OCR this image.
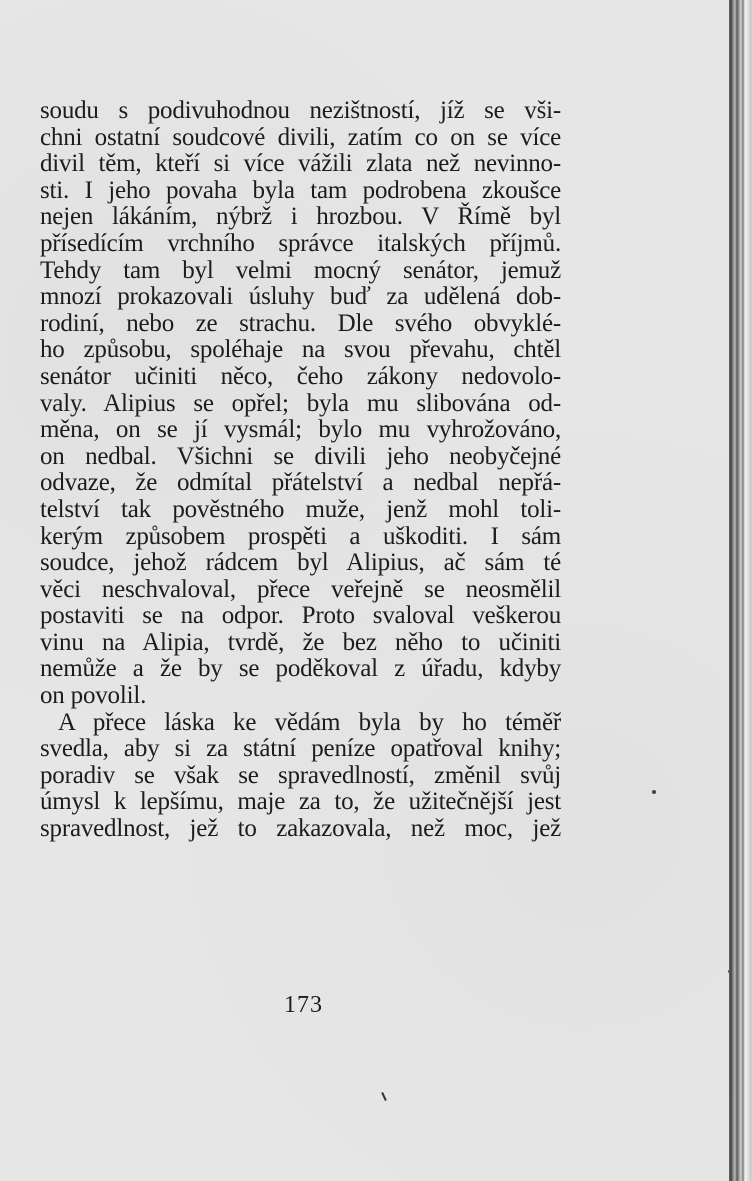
soudu s podivuhodnou nezištností, jíž se vši-
chni ostatní soudcové divili, zatím co on se více
divil těm, kteří si více vážili zlata než nevinno-
sti. I jeho povaha byla tam podrobena zkoušce
nejen lákáním, nýbrž i hrozbou. V Římě byl
přísedícím vrchního správce italských příjmů.
Tehdy tam byl velmi mocný senátor, jemuž
mnozí prokazovali úsluhy buď za udělená dob-
rodiní, nebo ze strachu. Dle svého obvyklé-
ho způsobu, spoléhaje na svou převahu, chtěl
senátor učiniti něco, čeho zákony nedovolo-
valy. Alipius se opřel; byla mu slibována od-
měna, on se jí vysmál; bylo mu vyhrožováno,
on nedbal. Všichni se divili jeho neobyčejné
odvaze, že odmítal přátelství a nedbal nepřá-
telství tak pověstného muže, jenž mohl toli-
kerým způsobem prospěti a uškoditi. I sám
soudce, jehož rádcem byl Alipius, ač sám té
věci neschvaloval, přece veřejně se neosmělil
postaviti se na odpor. Proto svaloval veškerou
vinu na Alipia, tvrdě, že bez něho to učiniti
nemůže a že by se poděkoval z úřadu, kdyby
on povolil.
A přece láska ke vědám byla by ho téměř
svedla, aby si za státní peníze opatřoval knihy;
poradiv se však se spravedlností, změnil svůj
úmysl k lepšímu, maje za to, že užitečnější jest
spravedlnost, jež to zakazovala, než moc, jež
173
